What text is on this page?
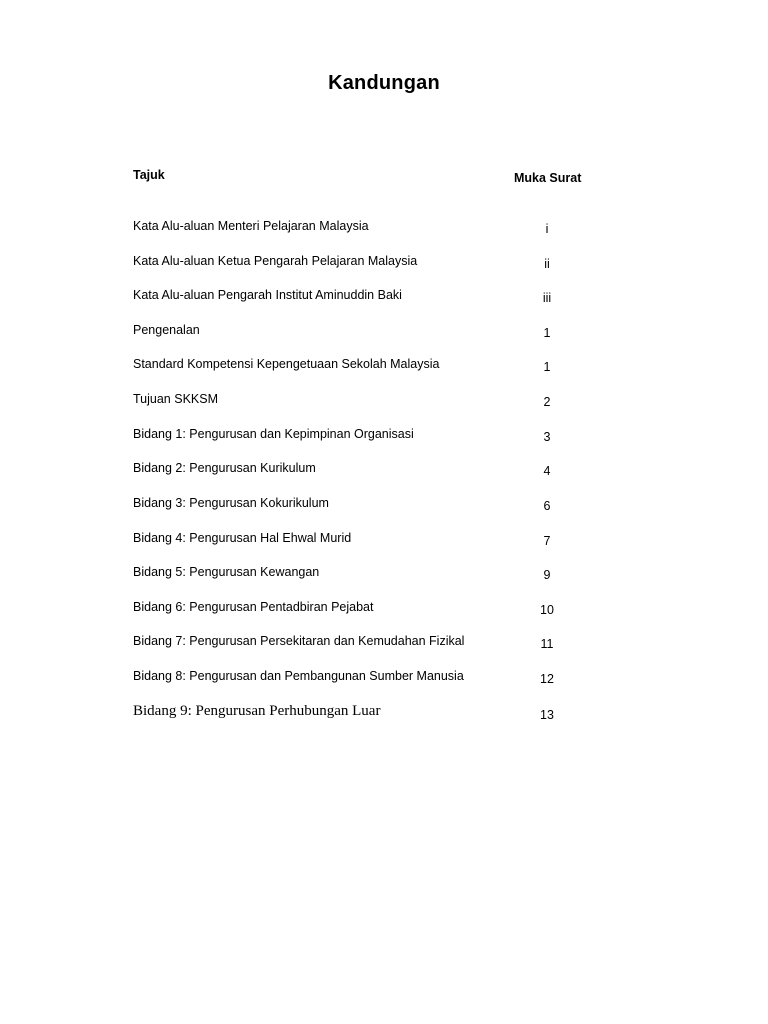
Kandungan
Tajuk	Muka Surat
Kata Alu-aluan Menteri Pelajaran Malaysia	i
Kata Alu-aluan Ketua Pengarah Pelajaran Malaysia	ii
Kata Alu-aluan Pengarah Institut Aminuddin Baki	iii
Pengenalan	1
Standard Kompetensi Kepengetuaan Sekolah Malaysia	1
Tujuan SKKSM	2
Bidang 1: Pengurusan dan Kepimpinan Organisasi	3
Bidang 2: Pengurusan Kurikulum	4
Bidang 3: Pengurusan Kokurikulum	6
Bidang 4: Pengurusan Hal Ehwal Murid	7
Bidang 5: Pengurusan Kewangan	9
Bidang 6: Pengurusan Pentadbiran Pejabat	10
Bidang 7: Pengurusan Persekitaran dan Kemudahan Fizikal	11
Bidang 8: Pengurusan dan Pembangunan Sumber Manusia	12
Bidang 9: Pengurusan Perhubungan Luar	13
